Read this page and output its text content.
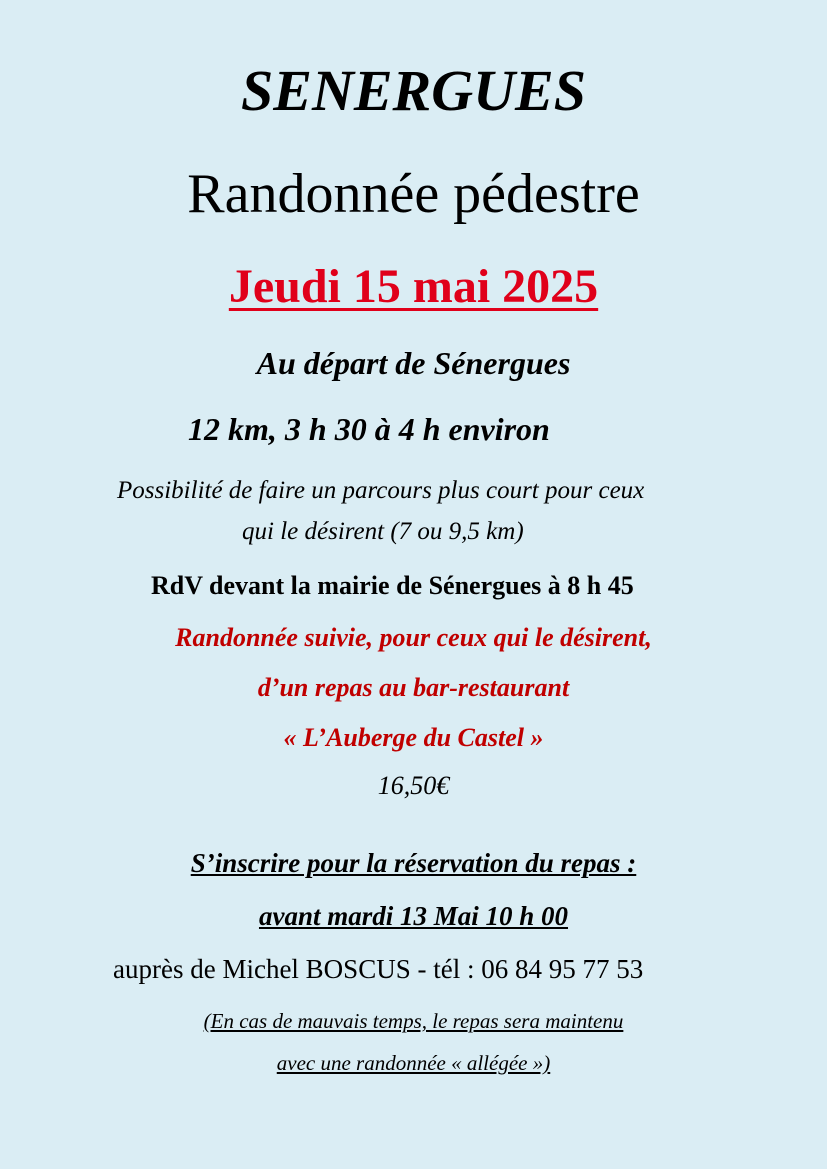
SENERGUES
Randonnée pédestre
Jeudi 15 mai 2025
Au départ de Sénergues
12 km, 3 h 30 à 4 h environ
Possibilité de faire un parcours plus court pour ceux
qui le désirent (7 ou 9,5 km)
RdV devant la mairie de Sénergues à 8 h 45
Randonnée suivie, pour ceux qui le désirent,
d’un repas au bar-restaurant
« L’Auberge du Castel »
16,50€
S’inscrire pour la réservation du repas :
avant mardi 13 Mai 10 h 00
auprès de Michel BOSCUS - tél : 06 84 95 77 53
(En cas de mauvais temps, le repas sera maintenu
avec une randonnée « allégée »)
